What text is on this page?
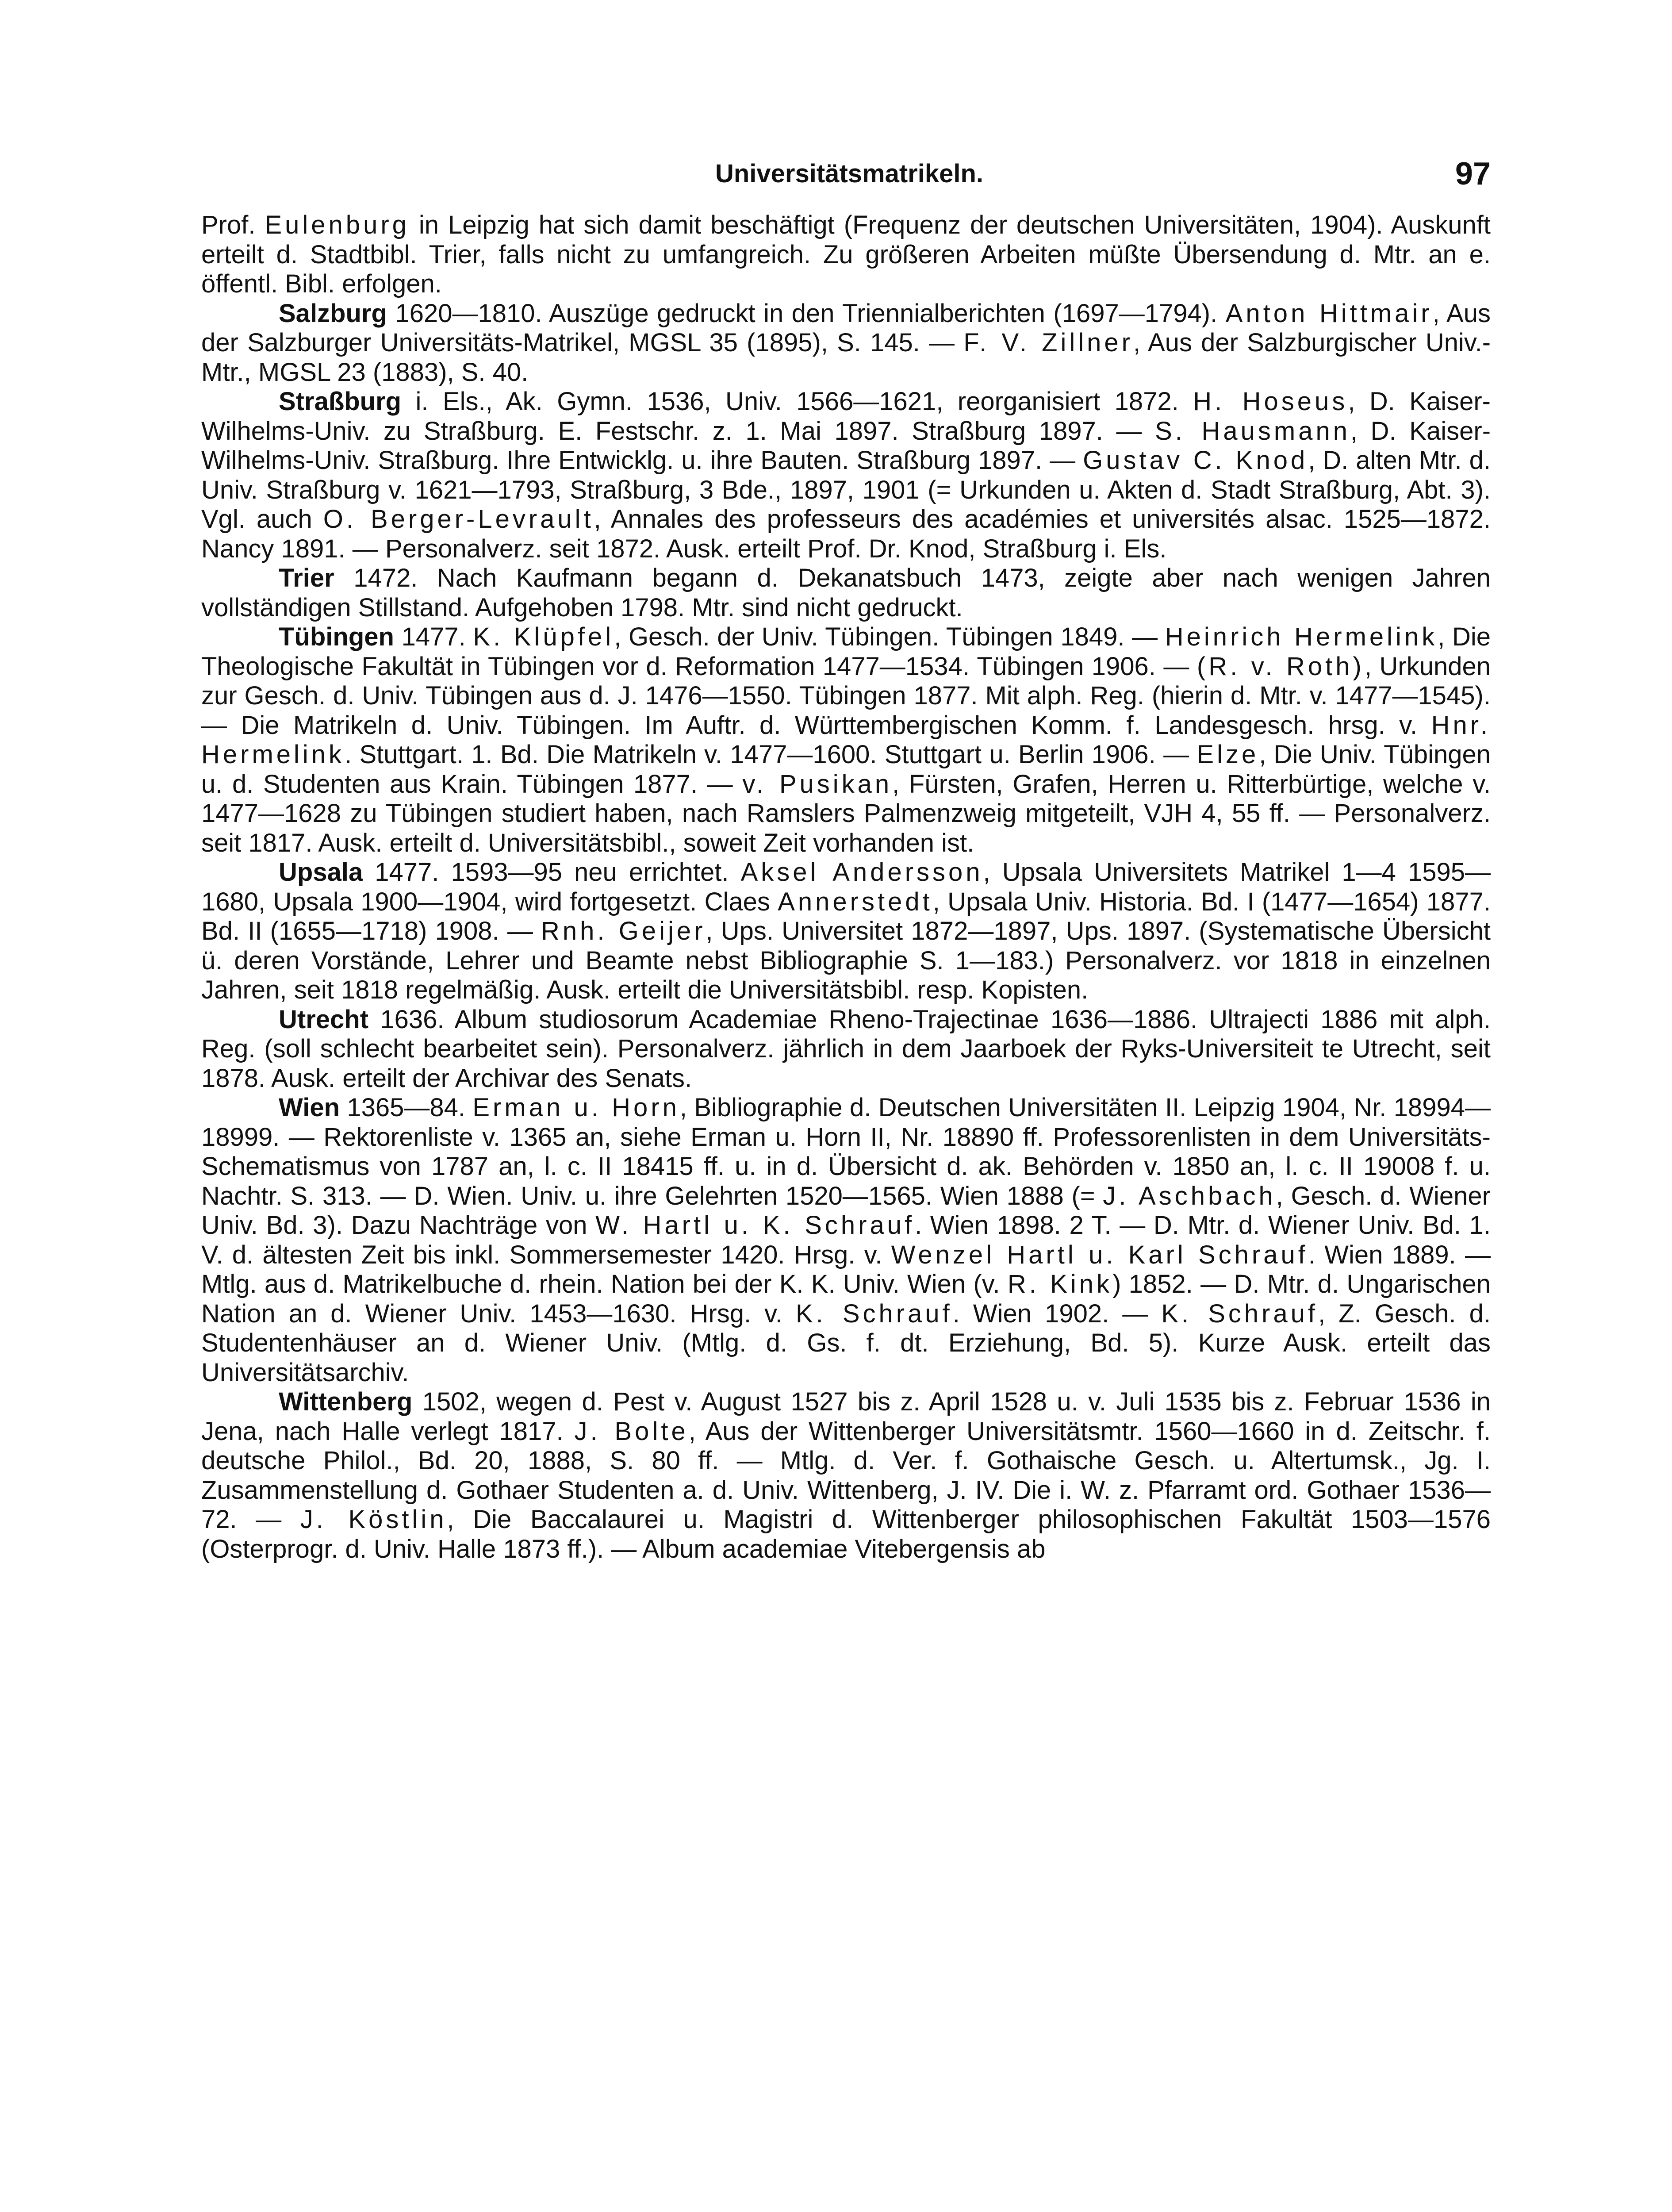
Universitätsmatrikeln.	97

Prof. Eulenburg in Leipzig hat sich damit beschäftigt (Frequenz der deutschen Universitäten, 1904). Auskunft erteilt d. Stadtbibl. Trier, falls nicht zu umfangreich. Zu größeren Arbeiten müßte Übersendung d. Mtr. an e. öffentl. Bibl. erfolgen.

Salzburg 1620—1810. Auszüge gedruckt in den Triennialberichten (1697—1794). Anton Hittmair, Aus der Salzburger Universitäts-Matrikel, MGSL 35 (1895), S. 145. — F. V. Zillner, Aus der Salzburgischer Univ.-Mtr., MGSL 23 (1883), S. 40.

Straßburg i. Els., Ak. Gymn. 1536, Univ. 1566—1621, reorganisiert 1872. H. Hoseus, D. Kaiser-Wilhelms-Univ. zu Straßburg. E. Festschr. z. 1. Mai 1897. Straßburg 1897. — S. Hausmann, D. Kaiser-Wilhelms-Univ. Straßburg. Ihre Entwicklg. u. ihre Bauten. Straßburg 1897. — Gustav C. Knod, D. alten Mtr. d. Univ. Straßburg v. 1621—1793, Straßburg, 3 Bde., 1897, 1901 (= Urkunden u. Akten d. Stadt Straßburg, Abt. 3). Vgl. auch O. Berger-Levrault, Annales des professeurs des académies et universités alsac. 1525—1872. Nancy 1891. — Personalverz. seit 1872. Ausk. erteilt Prof. Dr. Knod, Straßburg i. Els.

Trier 1472. Nach Kaufmann begann d. Dekanatsbuch 1473, zeigte aber nach wenigen Jahren vollständigen Stillstand. Aufgehoben 1798. Mtr. sind nicht gedruckt.

Tübingen 1477. K. Klüpfel, Gesch. der Univ. Tübingen. Tübingen 1849. — Heinrich Hermelink, Die Theologische Fakultät in Tübingen vor d. Reformation 1477—1534. Tübingen 1906. — (R. v. Roth), Urkunden zur Gesch. d. Univ. Tübingen aus d. J. 1476—1550. Tübingen 1877. Mit alph. Reg. (hierin d. Mtr. v. 1477—1545). — Die Matrikeln d. Univ. Tübingen. Im Auftr. d. Württembergischen Komm. f. Landesgesch. hrsg. v. Hnr. Hermelink. Stuttgart. 1. Bd. Die Matrikeln v. 1477—1600. Stuttgart u. Berlin 1906. — Elze, Die Univ. Tübingen u. d. Studenten aus Krain. Tübingen 1877. — v. Pusikan, Fürsten, Grafen, Herren u. Ritterbürtige, welche v. 1477—1628 zu Tübingen studiert haben, nach Ramslers Palmenzweig mitgeteilt, VJH 4, 55 ff. — Personalverz. seit 1817. Ausk. erteilt d. Universitätsbibl., soweit Zeit vorhanden ist.

Upsala 1477. 1593—95 neu errichtet. Aksel Andersson, Upsala Universitets Matrikel 1—4 1595—1680, Upsala 1900—1904, wird fortgesetzt. Claes Annerstedt, Upsala Univ. Historia. Bd. I (1477—1654) 1877. Bd. II (1655—1718) 1908. — Rnh. Geijer, Ups. Universitet 1872—1897, Ups. 1897. (Systematische Übersicht ü. deren Vorstände, Lehrer und Beamte nebst Bibliographie S. 1—183.) Personalverz. vor 1818 in einzelnen Jahren, seit 1818 regelmäßig. Ausk. erteilt die Universitätsbibl. resp. Kopisten.

Utrecht 1636. Album studiosorum Academiae Rheno-Trajectinae 1636—1886. Ultrajecti 1886 mit alph. Reg. (soll schlecht bearbeitet sein). Personalverz. jährlich in dem Jaarboek der Ryks-Universiteit te Utrecht, seit 1878. Ausk. erteilt der Archivar des Senats.

Wien 1365—84. Erman u. Horn, Bibliographie d. Deutschen Universitäten II. Leipzig 1904, Nr. 18994—18999. — Rektorenliste v. 1365 an, siehe Erman u. Horn II, Nr. 18890 ff. Professorenlisten in dem Universitäts-Schematismus von 1787 an, l. c. II 18415 ff. u. in d. Übersicht d. ak. Behörden v. 1850 an, l. c. II 19008 f. u. Nachtr. S. 313. — D. Wien. Univ. u. ihre Gelehrten 1520—1565. Wien 1888 (= J. Aschbach, Gesch. d. Wiener Univ. Bd. 3). Dazu Nachträge von W. Hartl u. K. Schrauf. Wien 1898. 2 T. — D. Mtr. d. Wiener Univ. Bd. 1. V. d. ältesten Zeit bis inkl. Sommersemester 1420. Hrsg. v. Wenzel Hartl u. Karl Schrauf. Wien 1889. — Mtlg. aus d. Matrikelbuche d. rhein. Nation bei der K. K. Univ. Wien (v. R. Kink) 1852. — D. Mtr. d. Ungarischen Nation an d. Wiener Univ. 1453—1630. Hrsg. v. K. Schrauf. Wien 1902. — K. Schrauf, Z. Gesch. d. Studentenhäuser an d. Wiener Univ. (Mtlg. d. Gs. f. dt. Erziehung, Bd. 5). Kurze Ausk. erteilt das Universitätsarchiv.

Wittenberg 1502, wegen d. Pest v. August 1527 bis z. April 1528 u. v. Juli 1535 bis z. Februar 1536 in Jena, nach Halle verlegt 1817. J. Bolte, Aus der Wittenberger Universitätsmtr. 1560—1660 in d. Zeitschr. f. deutsche Philol., Bd. 20, 1888, S. 80 ff. — Mtlg. d. Ver. f. Gothaische Gesch. u. Altertumsk., Jg. I. Zusammenstellung d. Gothaer Studenten a. d. Univ. Wittenberg, J. IV. Die i. W. z. Pfarramt ord. Gothaer 1536—72. — J. Köstlin, Die Baccalaurei u. Magistri d. Wittenberger philosophischen Fakultät 1503—1576 (Osterprogr. d. Univ. Halle 1873 ff.). — Album academiae Vitebergensis ab
